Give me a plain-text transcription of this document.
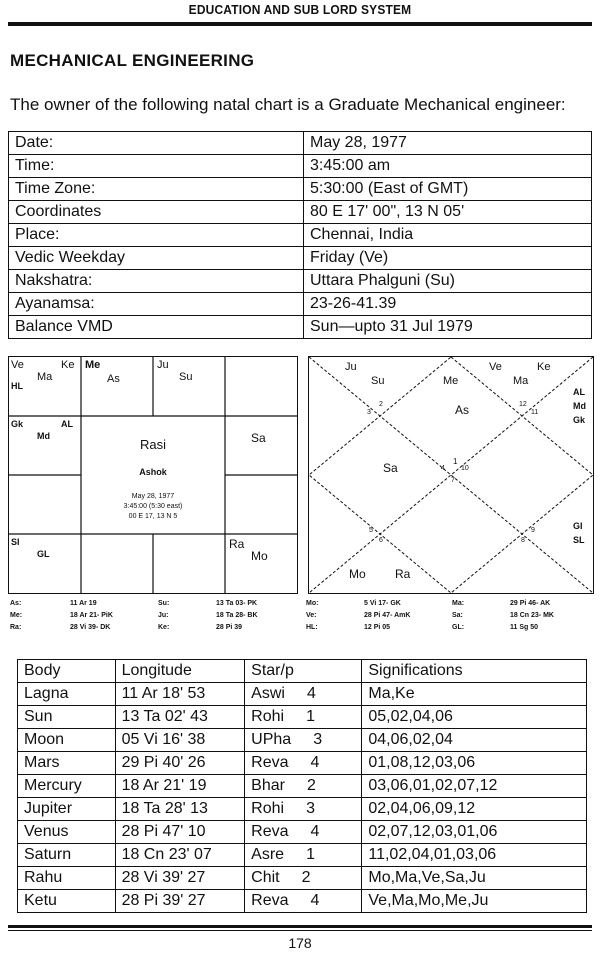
EDUCATION AND SUB LORD SYSTEM
MECHANICAL ENGINEERING
The owner of the following natal chart is a Graduate Mechanical engineer:
Date:	May 28, 1977
Time:	3:45:00 am
Time Zone:	5:30:00 (East of GMT)
Coordinates	80 E 17' 00", 13 N 05'
Place:	Chennai, India
Vedic Weekday	Friday (Ve)
Nakshatra:	Uttara Phalguni (Su)
Ayanamsa:	23-26-41.39
Balance VMD	Sun—upto 31 Jul 1979
Ve	Ke
Ma
HL
Me
As
Ju
Su
Gk	AL
Md	Sa
SI
GL
Ra
Mo
Rasi
Ashok
May 28, 1977
3:45:00 (5:30 east)
00 E 17, 13 N 5
Ju
Su	Me
As
Ve	Ke
Ma
AL
Md
Gk
Sa
GI
SL
Mo Ra
1
2
3
4
5
6
7
8
9
10
11
12
As:	11 Ar 19	Su:	13 Ta 03- PK	Mo:	5 Vi 17- GK	Ma:	29 Pi 46- AK
Me:	18 Ar 21- PiK	Ju:	18 Ta 28- BK	Ve:	28 Pi 47- AmK	Sa:	18 Cn 23- MK
Ra:	28 Vi 39- DK	Ke:	28 Pi 39	HL:	12 Pi 05	GL:	11 Sg 50
Body	Longitude	Star/p	Significations
Lagna	11 Ar 18' 53	Aswi 4	Ma,Ke
Sun	13 Ta 02' 43	Rohi 1	05,02,04,06
Moon	05 Vi 16' 38	UPha 3	04,06,02,04
Mars	29 Pi 40' 26	Reva 4	01,08,12,03,06
Mercury	18 Ar 21' 19	Bhar 2	03,06,01,02,07,12
Jupiter	18 Ta 28' 13	Rohi 3	02,04,06,09,12
Venus	28 Pi 47' 10	Reva 4	02,07,12,03,01,06
Saturn	18 Cn 23' 07	Asre 1	11,02,04,01,03,06
Rahu	28 Vi 39' 27	Chit 2	Mo,Ma,Ve,Sa,Ju
Ketu	28 Pi 39' 27	Reva 4	Ve,Ma,Mo,Me,Ju
178
